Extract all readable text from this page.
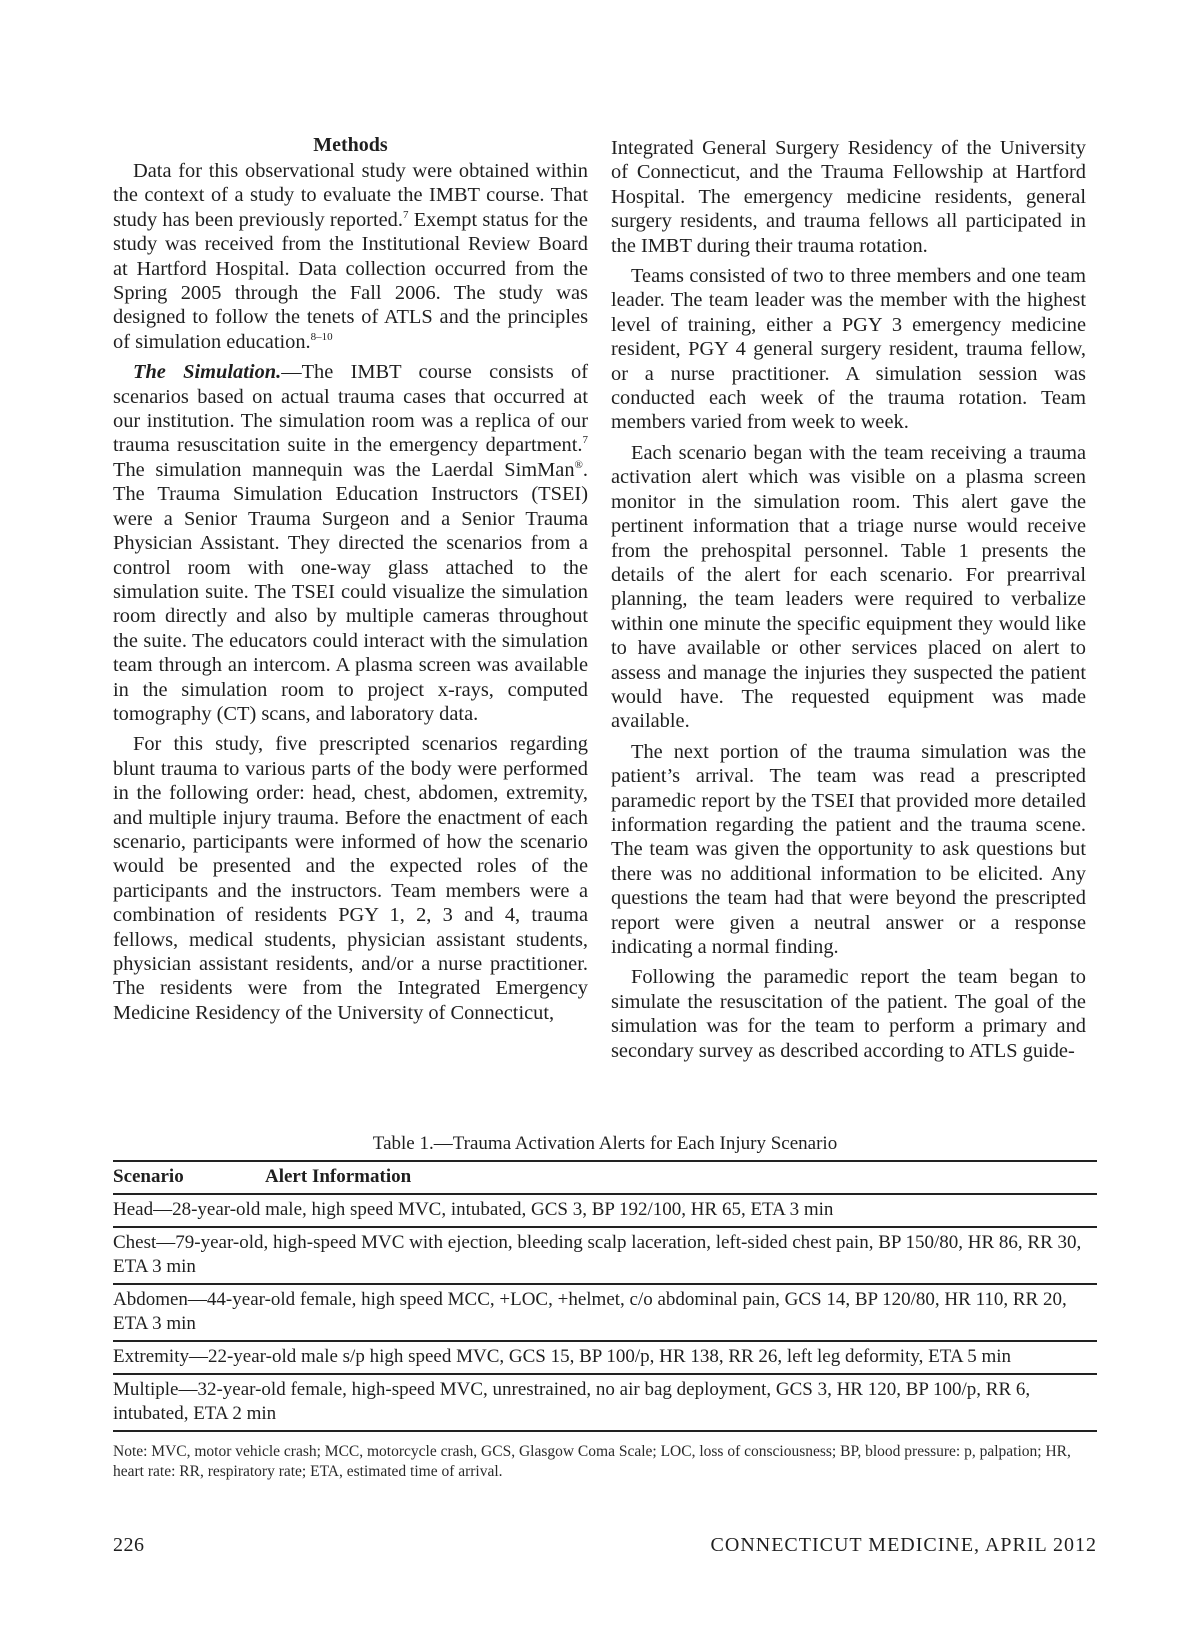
Methods

Data for this observational study were obtained within the context of a study to evaluate the IMBT course. That study has been previously reported.$^7$ Exempt status for the study was received from the Institutional Review Board at Hartford Hospital. Data collection occurred from the Spring 2005 through the Fall 2006. The study was designed to follow the tenets of ATLS and the principles of simulation education.$^{8-10}$

The Simulation.—The IMBT course consists of scenarios based on actual trauma cases that occurred at our institution. The simulation room was a replica of our trauma resuscitation suite in the emergency department.$^7$ The simulation mannequin was the Laerdal SimMan®. The Trauma Simulation Education Instructors (TSEI) were a Senior Trauma Surgeon and a Senior Trauma Physician Assistant. They directed the scenarios from a control room with one-way glass attached to the simulation suite. The TSEI could visualize the simulation room directly and also by multiple cameras throughout the suite. The educators could interact with the simulation team through an intercom. A plasma screen was available in the simulation room to project x-rays, computed tomography (CT) scans, and laboratory data.

For this study, five prescripted scenarios regarding blunt trauma to various parts of the body were performed in the following order: head, chest, abdomen, extremity, and multiple injury trauma. Before the enactment of each scenario, participants were informed of how the scenario would be presented and the expected roles of the participants and the instructors. Team members were a combination of residents PGY 1, 2, 3 and 4, trauma fellows, medical students, physician assistant students, physician assistant residents, and/or a nurse practitioner. The residents were from the Integrated Emergency Medicine Residency of the University of Connecticut,

Integrated General Surgery Residency of the University of Connecticut, and the Trauma Fellowship at Hartford Hospital. The emergency medicine residents, general surgery residents, and trauma fellows all participated in the IMBT during their trauma rotation.

Teams consisted of two to three members and one team leader. The team leader was the member with the highest level of training, either a PGY 3 emergency medicine resident, PGY 4 general surgery resident, trauma fellow, or a nurse practitioner. A simulation session was conducted each week of the trauma rotation. Team members varied from week to week.

Each scenario began with the team receiving a trauma activation alert which was visible on a plasma screen monitor in the simulation room. This alert gave the pertinent information that a triage nurse would receive from the prehospital personnel. Table 1 presents the details of the alert for each scenario. For prearrival planning, the team leaders were required to verbalize within one minute the specific equipment they would like to have available or other services placed on alert to assess and manage the injuries they suspected the patient would have. The requested equipment was made available.

The next portion of the trauma simulation was the patient’s arrival. The team was read a prescripted paramedic report by the TSEI that provided more detailed information regarding the patient and the trauma scene. The team was given the opportunity to ask questions but there was no additional information to be elicited. Any questions the team had that were beyond the prescripted report were given a neutral answer or a response indicating a normal finding.

Following the paramedic report the team began to simulate the resuscitation of the patient. The goal of the simulation was for the team to perform a primary and secondary survey as described according to ATLS guide-

Table 1.—Trauma Activation Alerts for Each Injury Scenario
Scenario	Alert Information
Head—28-year-old male, high speed MVC, intubated, GCS 3, BP 192/100, HR 65, ETA 3 min
Chest—79-year-old, high-speed MVC with ejection, bleeding scalp laceration, left-sided chest pain, BP 150/80, HR 86, RR 30, ETA 3 min
Abdomen—44-year-old female, high speed MCC, +LOC, +helmet, c/o abdominal pain, GCS 14, BP 120/80, HR 110, RR 20, ETA 3 min
Extremity—22-year-old male s/p high speed MVC, GCS 15, BP 100/p, HR 138, RR 26, left leg deformity, ETA 5 min
Multiple—32-year-old female, high-speed MVC, unrestrained, no air bag deployment, GCS 3, HR 120, BP 100/p, RR 6, intubated, ETA 2 min
Note: MVC, motor vehicle crash; MCC, motorcycle crash, GCS, Glasgow Coma Scale; LOC, loss of consciousness; BP, blood pressure: p, palpation; HR, heart rate: RR, respiratory rate; ETA, estimated time of arrival.
226	CONNECTICUT MEDICINE, APRIL 2012
